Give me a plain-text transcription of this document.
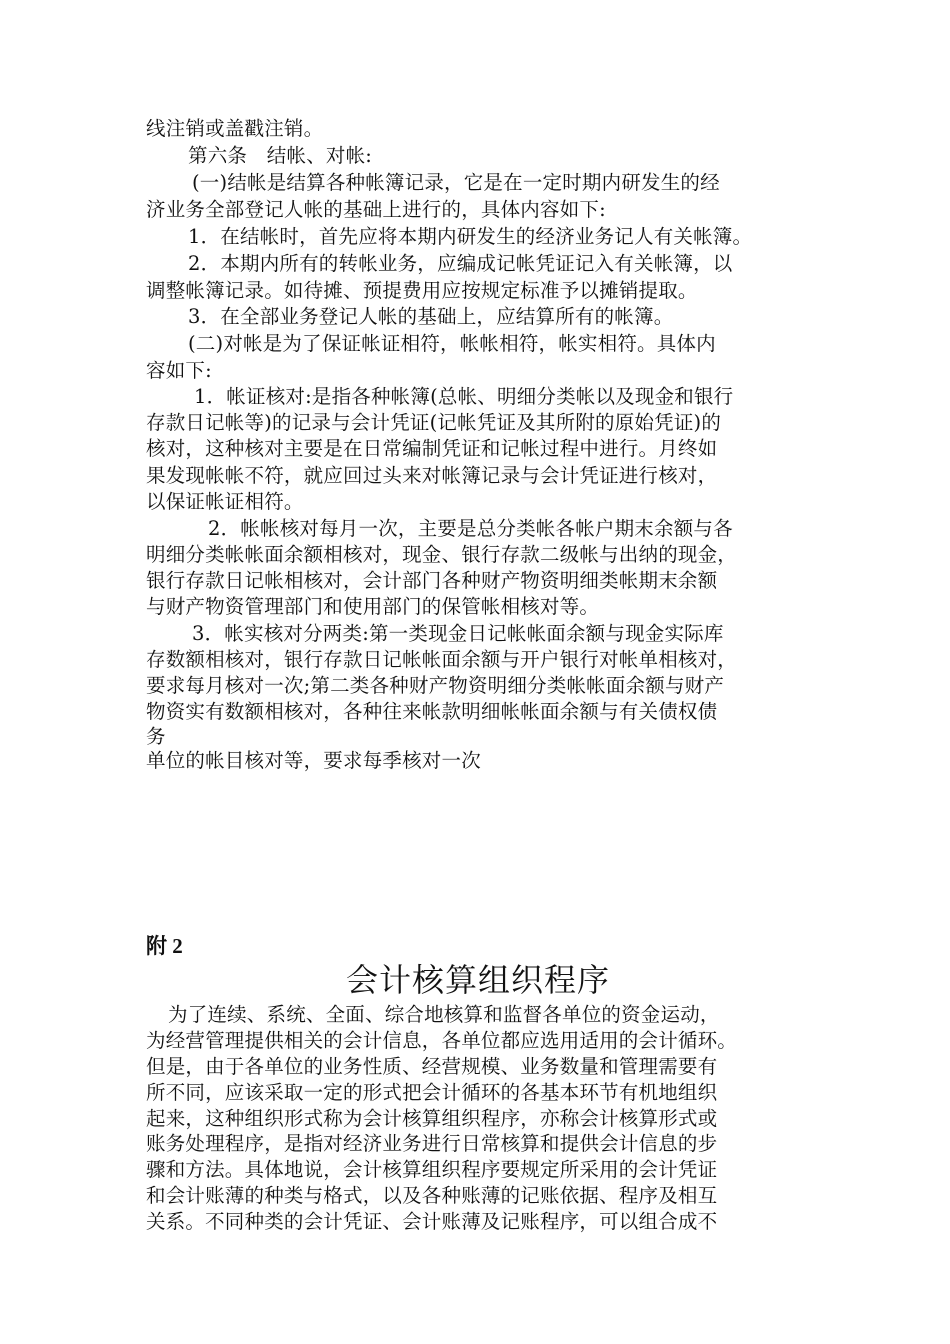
线注销或盖戳注销。
第六条　结帐、对帐:
(一)结帐是结算各种帐簿记录，它是在一定时期内研发生的经
济业务全部登记人帐的基础上进行的，具体内容如下:
1．在结帐时，首先应将本期内研发生的经济业务记人有关帐簿。
2．本期内所有的转帐业务，应编成记帐凭证记入有关帐簿，以
调整帐簿记录。如待摊、预提费用应按规定标准予以摊销提取。
3．在全部业务登记人帐的基础上，应结算所有的帐簿。
(二)对帐是为了保证帐证相符，帐帐相符，帐实相符。具体内
容如下:
1．帐证核对:是指各种帐簿(总帐、明细分类帐以及现金和银行
存款日记帐等)的记录与会计凭证(记帐凭证及其所附的原始凭证)的
核对，这种核对主要是在日常编制凭证和记帐过程中进行。月终如
果发现帐帐不符，就应回过头来对帐簿记录与会计凭证进行核对，
以保证帐证相符。
2．帐帐核对每月一次，主要是总分类帐各帐户期末余额与各
明细分类帐帐面余额相核对，现金、银行存款二级帐与出纳的现金，
银行存款日记帐相核对，会计部门各种财产物资明细类帐期末余额
与财产物资管理部门和使用部门的保管帐相核对等。
3．帐实核对分两类:第一类现金日记帐帐面余额与现金实际库
存数额相核对，银行存款日记帐帐面余额与开户银行对帐单相核对，
要求每月核对一次;第二类各种财产物资明细分类帐帐面余额与财产
物资实有数额相核对，各种往来帐款明细帐帐面余额与有关债权债
务
单位的帐目核对等，要求每季核对一次
附 2
会计核算组织程序
为了连续、系统、全面、综合地核算和监督各单位的资金运动，
为经营管理提供相关的会计信息，各单位都应选用适用的会计循环。
但是，由于各单位的业务性质、经营规模、业务数量和管理需要有
所不同，应该采取一定的形式把会计循环的各基本环节有机地组织
起来，这种组织形式称为会计核算组织程序，亦称会计核算形式或
账务处理程序，是指对经济业务进行日常核算和提供会计信息的步
骤和方法。具体地说，会计核算组织程序要规定所采用的会计凭证
和会计账薄的种类与格式，以及各种账薄的记账依据、程序及相互
关系。不同种类的会计凭证、会计账薄及记账程序，可以组合成不
